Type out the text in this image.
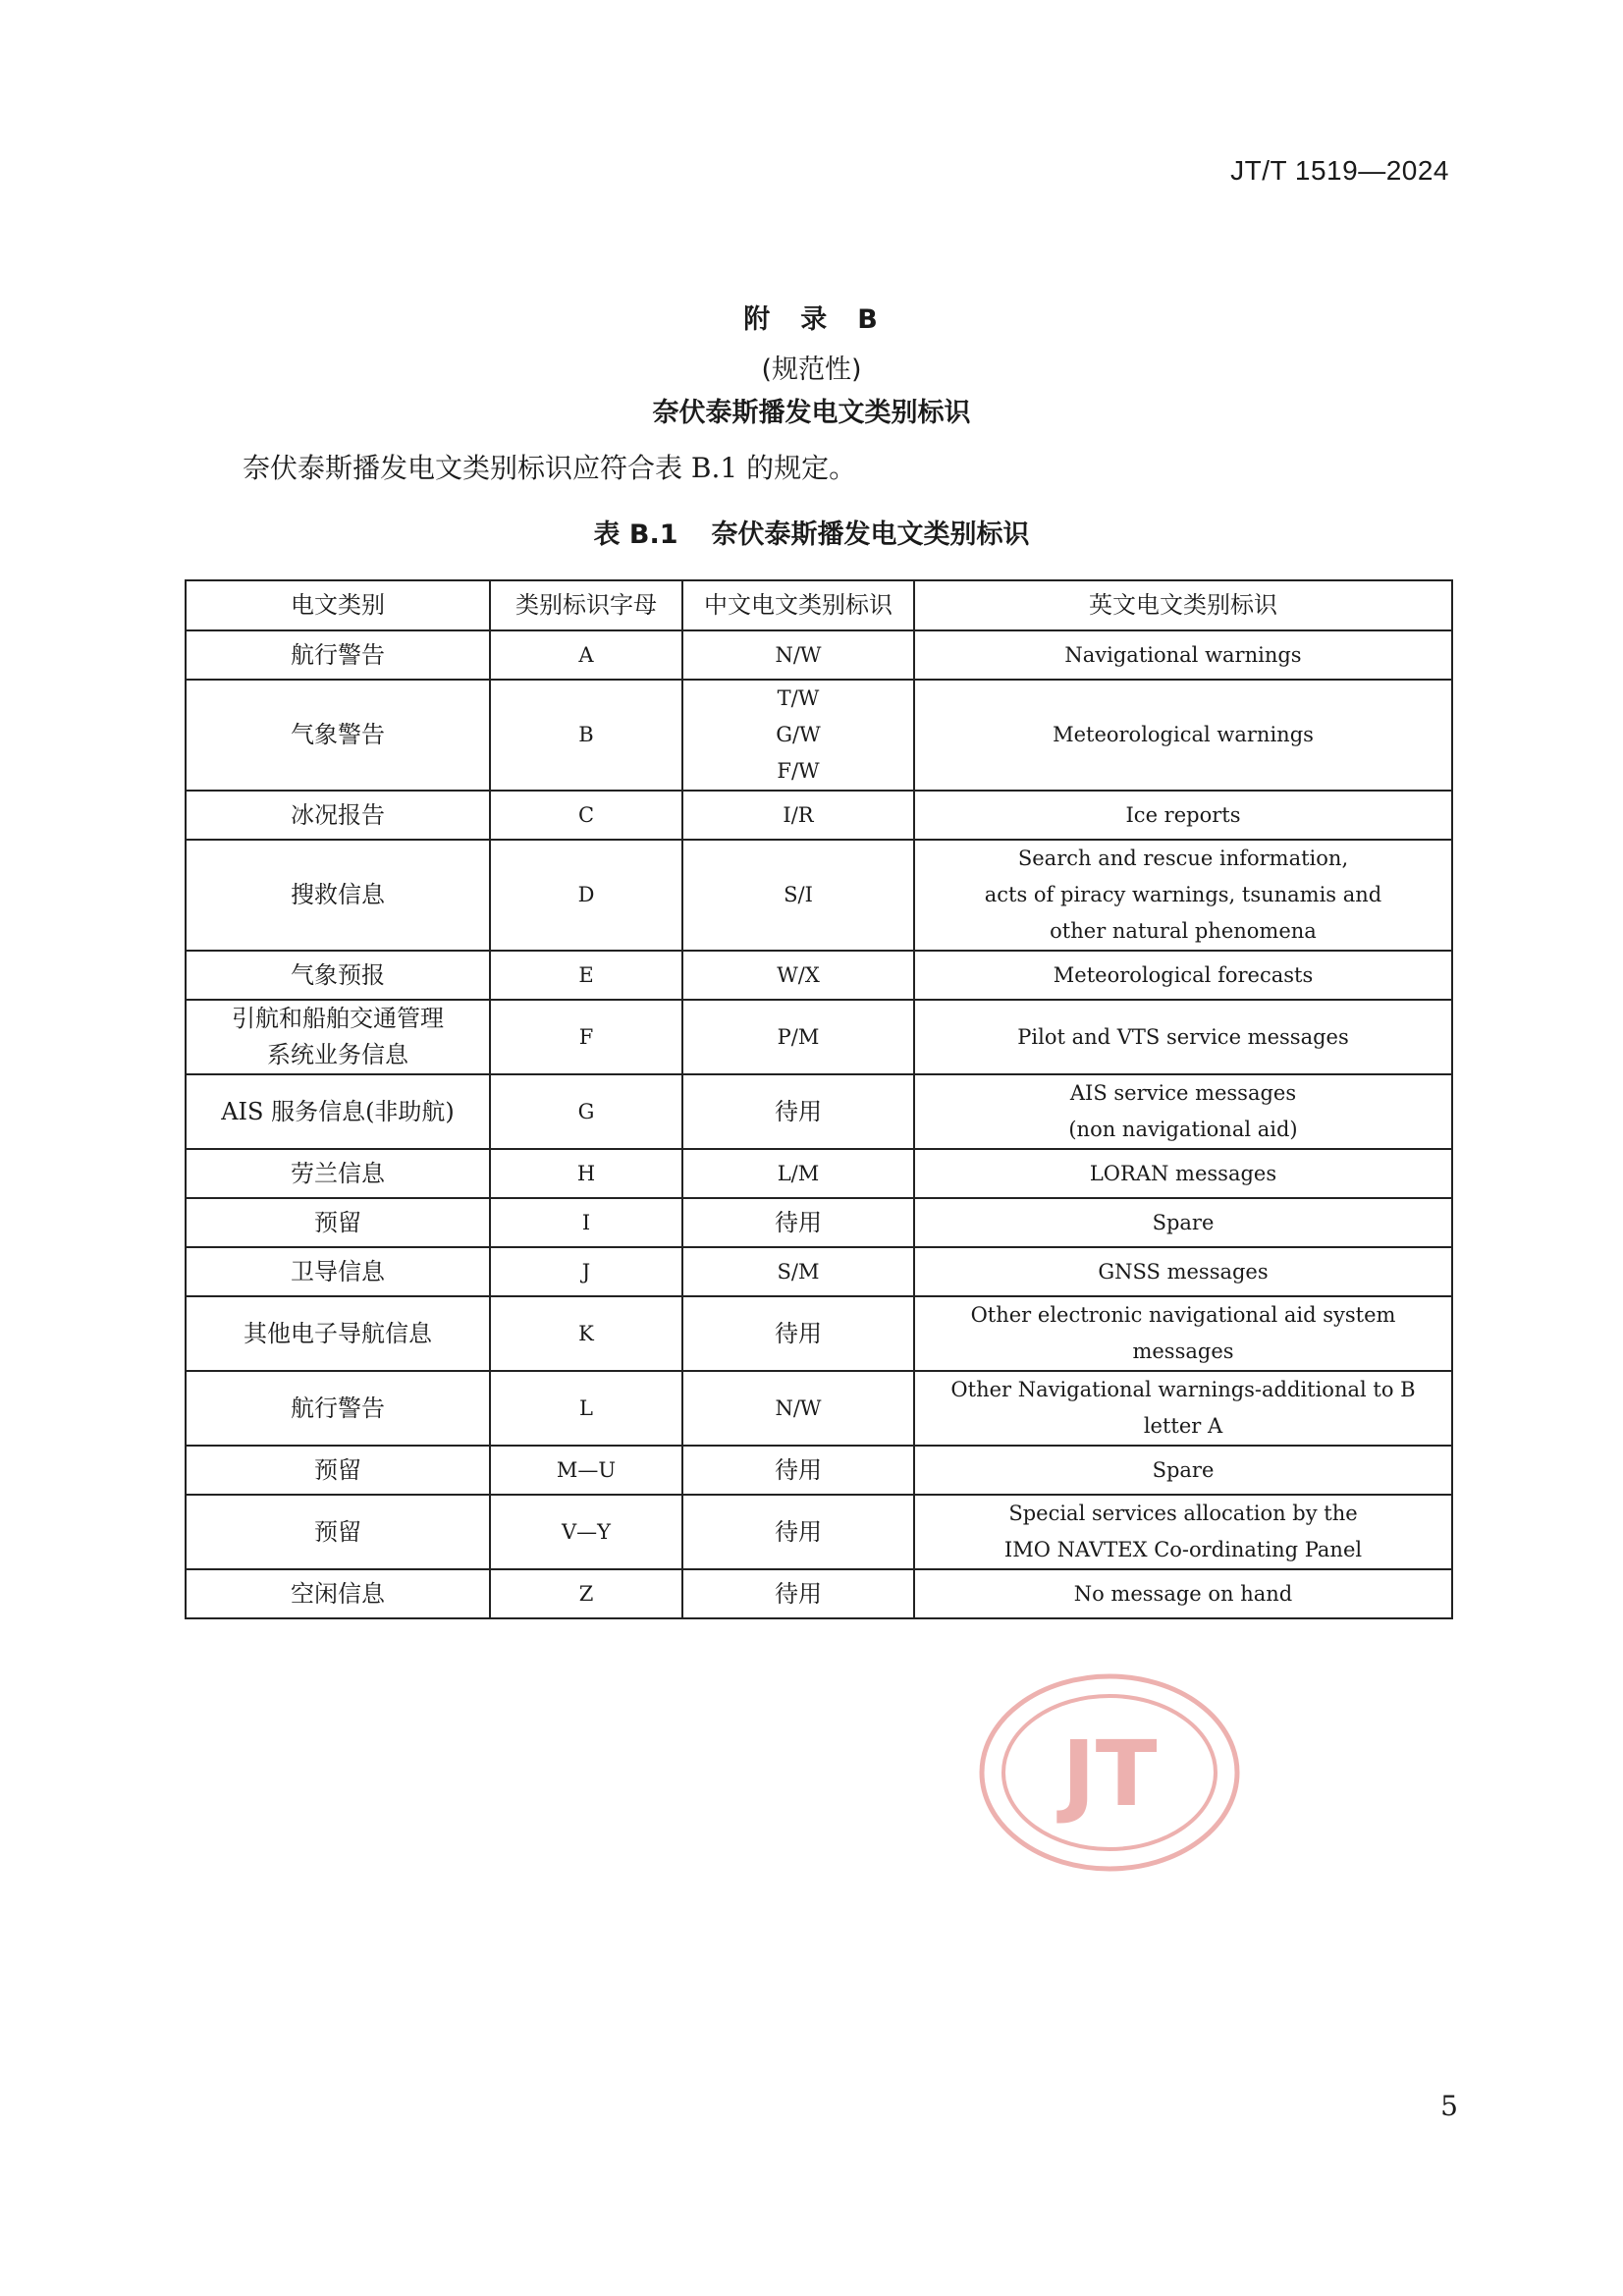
JT/T 1519—2024
附　录　B
(规范性)
奈伏泰斯播发电文类别标识
奈伏泰斯播发电文类别标识应符合表 B.1 的规定。
表 B.1 奈伏泰斯播发电文类别标识
电文类别	类别标识字母	中文电文类别标识	英文电文类别标识

航行警告	A	N/W	Navigational warnings

气象警告	B	T/W
G/W
F/W	Meteorological warnings

冰况报告	C	I/R	Ice reports

搜救信息	D	S/I	Search and rescue information,
acts of piracy warnings, tsunamis and
other natural phenomena

气象预报	E	W/X	Meteorological forecasts

引航和船舶交通管理
系统业务信息	F	P/M	Pilot and VTS service messages

AIS 服务信息(非助航)	G	待用	AIS service messages
(non navigational aid)

劳兰信息	H	L/M	LORAN messages

预留	I	待用	Spare

卫导信息	J	S/M	GNSS messages

其他电子导航信息	K	待用	Other electronic navigational aid system messages

航行警告	L	N/W	Other Navigational warnings-additional to B letter A

预留	M—U	待用	Spare

预留	V—Y	待用	Special services allocation by the
IMO NAVTEX Co-ordinating Panel

空闲信息	Z	待用	No message on hand
JT
5
